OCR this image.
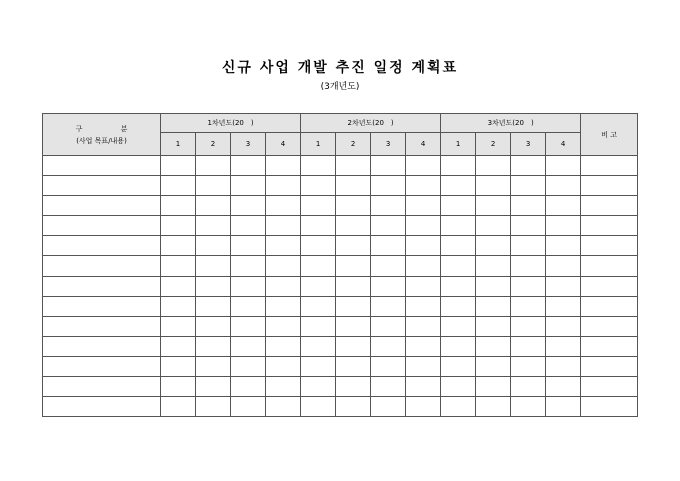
신규 사업 개발 추진 일정 계획표
(3개년도)
구 분
(사업 목표/내용)	1차년도(20　)				2차년도(20　)				3차년도(20　)				비 고
	1	2	3	4	1	2	3	4	1	2	3	4	
